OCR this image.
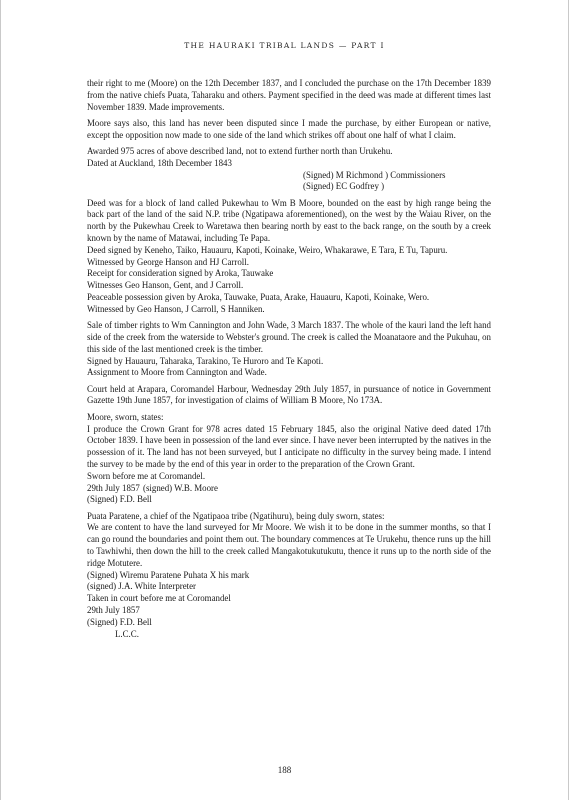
THE HAURAKI TRIBAL LANDS — PART I

their right to me (Moore) on the 12th December 1837, and I concluded the purchase on the 17th December 1839 from the native chiefs Puata, Taharaku and others. Payment specified in the deed was made at different times last November 1839. Made improvements.

Moore says also, this land has never been disputed since I made the purchase, by either European or native, except the opposition now made to one side of the land which strikes off about one half of what I claim.

Awarded 975 acres of above described land, not to extend further north than Urukehu.

Dated at Auckland, 18th December 1843

(Signed) M Richmond ) Commissioners

(Signed) EC Godfrey )

Deed was for a block of land called Pukewhau to Wm B Moore, bounded on the east by high range being the back part of the land of the said N.P. tribe (Ngatipawa aforementioned), on the west by the Waiau River, on the north by the Pukewhau Creek to Waretawa then bearing north by east to the back range, on the south by a creek known by the name of Matawai, including Te Papa.

Deed signed by Keneho, Taiko, Hauauru, Kapoti, Koinake, Weiro, Whakarawe, E Tara, E Tu, Tapuru.

Witnessed by George Hanson and HJ Carroll.

Receipt for consideration signed by Aroka, Tauwake

Witnesses Geo Hanson, Gent, and J Carroll.

Peaceable possession given by Aroka, Tauwake, Puata, Arake, Hauauru, Kapoti, Koinake, Wero.

Witnessed by Geo Hanson, J Carroll, S Hanniken.

Sale of timber rights to Wm Cannington and John Wade, 3 March 1837. The whole of the kauri land the left hand side of the creek from the waterside to Webster's ground. The creek is called the Moanataore and the Pukuhau, on this side of the last mentioned creek is the timber.

Signed by Hauauru, Taharaka, Tarakino, Te Huroro and Te Kapoti.

Assignment to Moore from Cannington and Wade.

Court held at Arapara, Coromandel Harbour, Wednesday 29th July 1857, in pursuance of notice in Government Gazette 19th June 1857, for investigation of claims of William B Moore, No 173A.

Moore, sworn, states:

I produce the Crown Grant for 978 acres dated 15 February 1845, also the original Native deed dated 17th October 1839. I have been in possession of the land ever since. I have never been interrupted by the natives in the possession of it. The land has not been surveyed, but I anticipate no difficulty in the survey being made. I intend the survey to be made by the end of this year in order to the preparation of the Crown Grant.

Sworn before me at Coromandel.

29th July 1857 (signed) W.B. Moore

(Signed) F.D. Bell

Puata Paratene, a chief of the Ngatipaoa tribe (Ngatihuru), being duly sworn, states:

We are content to have the land surveyed for Mr Moore. We wish it to be done in the summer months, so that I can go round the boundaries and point them out. The boundary commences at Te Urukehu, thence runs up the hill to Tawhiwhi, then down the hill to the creek called Mangakotukutukutu, thence it runs up to the north side of the ridge Motutere.

(Signed) Wiremu Paratene Puhata X his mark

(signed) J.A. White Interpreter

Taken in court before me at Coromandel

29th July 1857

(Signed) F.D. Bell

L.C.C.

188
